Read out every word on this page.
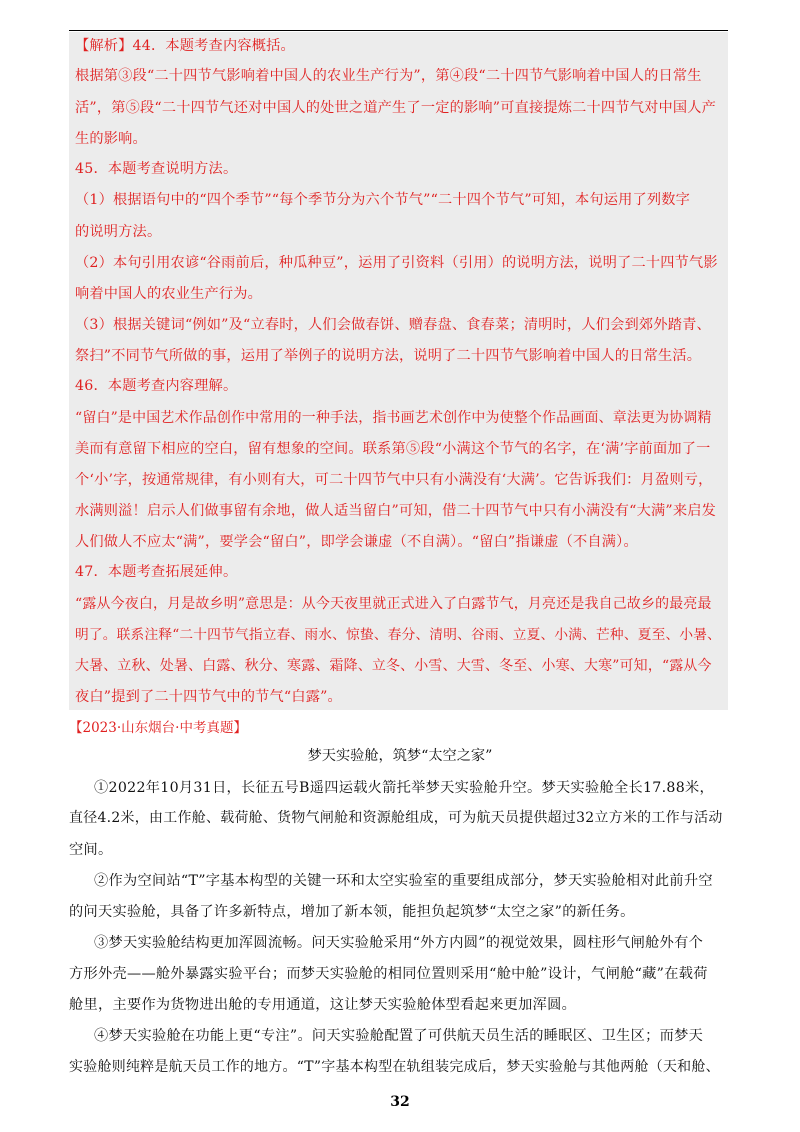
【解析】44．本题考查内容概括。
根据第③段“二十四节气影响着中国人的农业生产行为”，第④段“二十四节气影响着中国人的日常生
活”，第⑤段“二十四节气还对中国人的处世之道产生了一定的影响”可直接提炼二十四节气对中国人产
生的影响。
45．本题考查说明方法。
（1）根据语句中的“四个季节”“每个季节分为六个节气”“二十四个节气”可知，本句运用了列数字
的说明方法。
（2）本句引用农谚“谷雨前后，种瓜种豆”，运用了引资料（引用）的说明方法，说明了二十四节气影
响着中国人的农业生产行为。
（3）根据关键词“例如”及“立春时，人们会做春饼、赠春盘、食春菜；清明时，人们会到郊外踏青、
祭扫”不同节气所做的事，运用了举例子的说明方法，说明了二十四节气影响着中国人的日常生活。
46．本题考查内容理解。
“留白”是中国艺术作品创作中常用的一种手法，指书画艺术创作中为使整个作品画面、章法更为协调精
美而有意留下相应的空白，留有想象的空间。联系第⑤段“小满这个节气的名字，在‘满’字前面加了一
个‘小’字，按通常规律，有小则有大，可二十四节气中只有小满没有‘大满’。它告诉我们：月盈则亏，
水满则溢！启示人们做事留有余地，做人适当留白”可知，借二十四节气中只有小满没有“大满”来启发
人们做人不应太“满”，要学会“留白”，即学会谦虚（不自满）。“留白”指谦虚（不自满）。
47．本题考查拓展延伸。
“露从今夜白，月是故乡明”意思是：从今天夜里就正式进入了白露节气，月亮还是我自己故乡的最亮最
明了。联系注释“二十四节气指立春、雨水、惊蛰、春分、清明、谷雨、立夏、小满、芒种、夏至、小暑、
大暑、立秋、处暑、白露、秋分、寒露、霜降、立冬、小雪、大雪、冬至、小寒、大寒”可知，“露从今
夜白”提到了二十四节气中的节气“白露”。
【2023·山东烟台·中考真题】
梦天实验舱，筑梦“太空之家”
①2022年10月31日，长征五号B遥四运载火箭托举梦天实验舱升空。梦天实验舱全长17.88米，
直径4.2米，由工作舱、载荷舱、货物气闸舱和资源舱组成，可为航天员提供超过32立方米的工作与活动
空间。
②作为空间站“T”字基本构型的关键一环和太空实验室的重要组成部分，梦天实验舱相对此前升空
的问天实验舱，具备了许多新特点，增加了新本领，能担负起筑梦“太空之家”的新任务。
③梦天实验舱结构更加浑圆流畅。问天实验舱采用“外方内圆”的视觉效果，圆柱形气闸舱外有个
方形外壳——舱外暴露实验平台；而梦天实验舱的相同位置则采用“舱中舱”设计，气闸舱“藏”在载荷
舱里，主要作为货物进出舱的专用通道，这让梦天实验舱体型看起来更加浑圆。
④梦天实验舱在功能上更“专注”。问天实验舱配置了可供航天员生活的睡眠区、卫生区；而梦天
实验舱则纯粹是航天员工作的地方。“T”字基本构型在轨组装完成后，梦天实验舱与其他两舱（天和舱、
32
